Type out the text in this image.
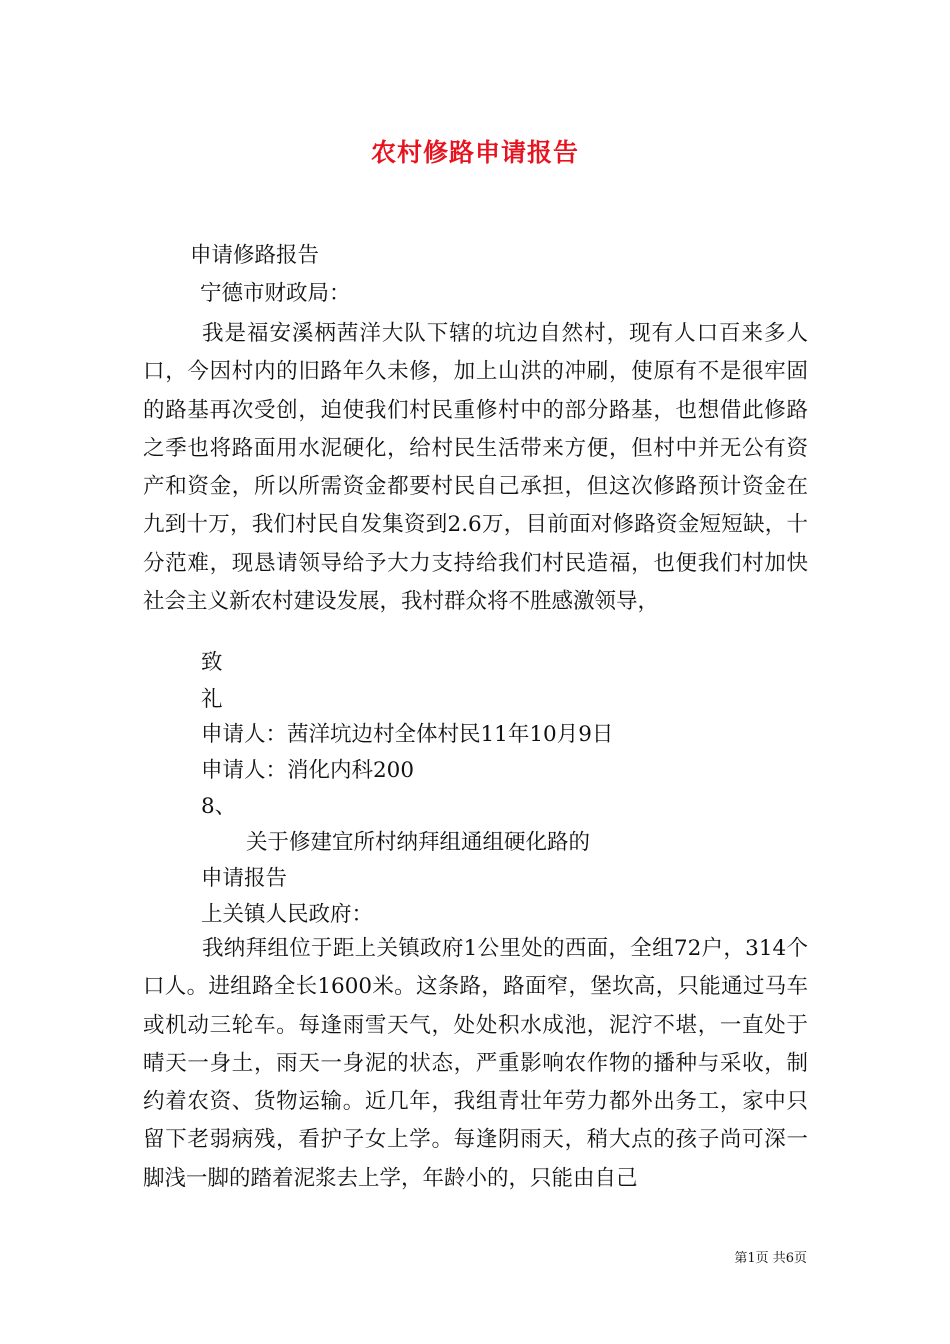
农村修路申请报告
申请修路报告
宁德市财政局：
我是福安溪柄茜洋大队下辖的坑边自然村，现有人口百来多人口，今因村内的旧路年久未修，加上山洪的冲刷，使原有不是很牢固的路基再次受创，迫使我们村民重修村中的部分路基，也想借此修路之季也将路面用水泥硬化，给村民生活带来方便，但村中并无公有资产和资金，所以所需资金都要村民自己承担，但这次修路预计资金在九到十万，我们村民自发集资到2.6万，目前面对修路资金短短缺，十分范难，现恳请领导给予大力支持给我们村民造福，也便我们村加快社会主义新农村建设发展，我村群众将不胜感激领导，
致
礼
申请人：茜洋坑边村全体村民11年10月9日
申请人：消化内科200
8、
关于修建宜所村纳拜组通组硬化路的
申请报告
上关镇人民政府：
我纳拜组位于距上关镇政府1公里处的西面，全组72户，314个口人。进组路全长1600米。这条路，路面窄，堡坎高，只能通过马车或机动三轮车。每逢雨雪天气，处处积水成池，泥泞不堪，一直处于晴天一身土，雨天一身泥的状态，严重影响农作物的播种与采收，制约着农资、货物运输。近几年，我组青壮年劳力都外出务工，家中只留下老弱病残，看护子女上学。每逢阴雨天，稍大点的孩子尚可深一脚浅一脚的踏着泥浆去上学，年龄小的，只能由自己
第1页 共6页
